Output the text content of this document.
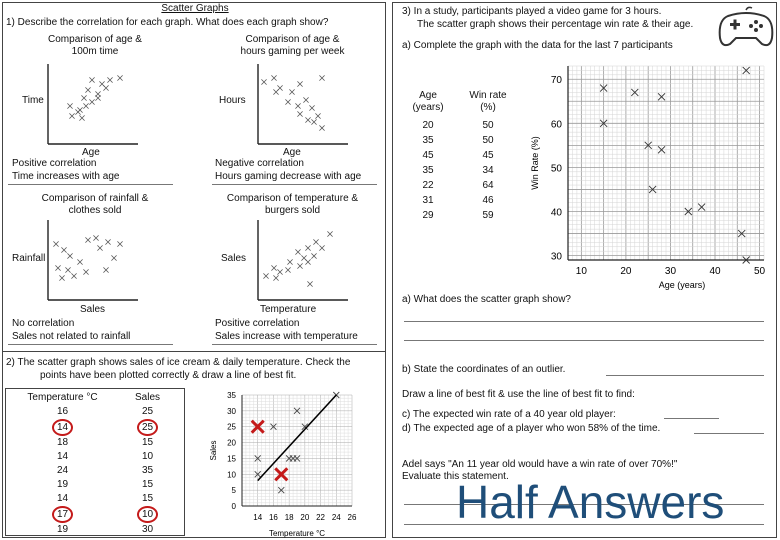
Scatter Graphs
1) Describe the correlation for each graph. What does each graph show?
Comparison of age &
100m time
Time
Age
Positive correlation
Time increases with age
Comparison of age &
hours gaming per week
Hours
Age
Negative correlation
Hours gaming decrease with age
Comparison of rainfall &
clothes sold
Rainfall
Sales
No correlation
Sales not related to rainfall
Comparison of temperature &
burgers sold
Sales
Temperature
Positive correlation
Sales increase with temperature
2) The scatter graph shows sales of ice cream & daily temperature. Check the
points have been plotted correctly & draw a line of best fit.
Temperature °C	Sales
16	25
14	25
18	15
14	10
24	35
19	15
14	15
17	10
19	30
0
5
10
15
20
25
30
35
14 16 18 20 22 24 26
Temperature °C
Sales
3) In a study, participants played a video game for 3 hours.
The scatter graph shows their percentage win rate & their age.
a) Complete the graph with the data for the last 7 participants
Age
(years)
Win rate
(%)
20	50
35	50
45	45
35	34
22	64
31	46
29	59
30
40
50
60
70
10	20	30	40	50
Age (years)
Win Rate (%)
a) What does the scatter graph show?
b) State the coordinates of an outlier.
Draw a line of best fit & use the line of best fit to find:
c) The expected win rate of a 40 year old player:
d) The expected age of a player who won 58% of the time.
Adel says "An 11 year old would have a win rate of over 70%!"
Evaluate this statement.
Half Answers
